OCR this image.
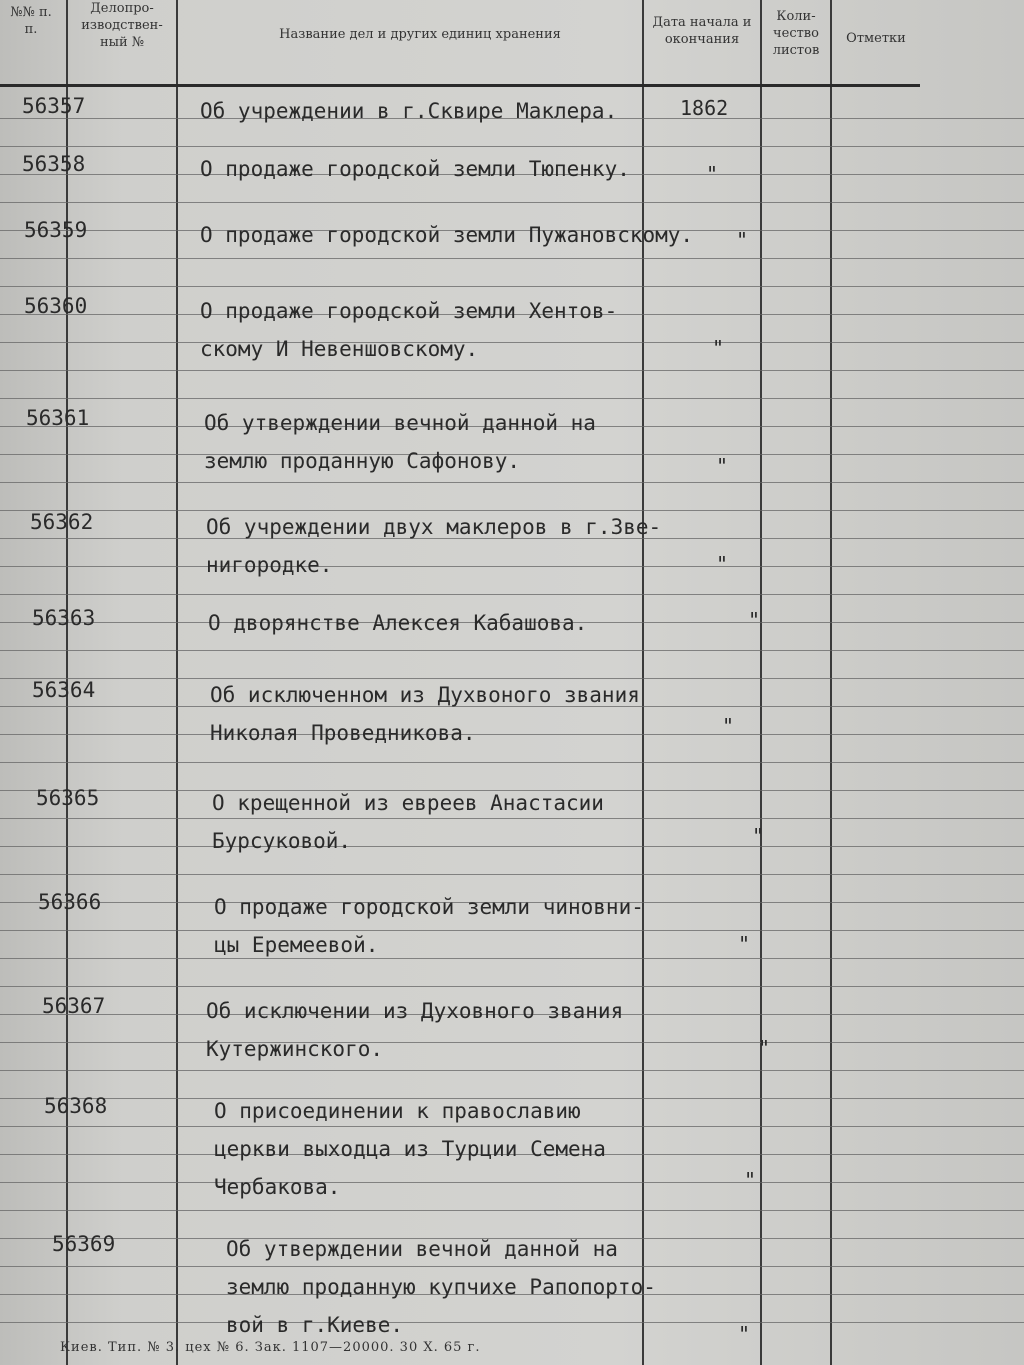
№№ п. п.
Делопро- изводствен- ный №
Название дел и других единиц хранения
Дата начала и окончания
Коли- чество листов
Отметки
56357	Об учреждении в г.Сквире Маклера.	1862
56358	О продаже городской земли Тюпенку.	"
56359	О продаже городской земли Пужановскому. "
56360	О продаже городской земли Хентов-
скому И Невеншовскому.	"
56361	Об утверждении вечной данной на
землю проданную Сафонову.	"
56362	Об учреждении двух маклеров в г.Зве-
нигородке.	"
56363	О дворянстве Алексея Кабашова.	"
56364	Об исключенном из Духвоного звания
Николая Проведникова.	"
56365	О крещенной из евреев Анастасии
Бурсуковой.	"
56366	О продаже городской земли чиновни-
цы Еремеевой.	"
56367	Об исключении из Духовного звания
Кутержинского.	"
56368	О присоединении к православию
церкви выходца из Турции Семена
Чербакова.	"
56369	Об утверждении вечной данной на
землю проданную купчихе Рапопорто-
вой в г.Киеве.	"
Киев. Тип. № 3. цех № 6. Зак. 1107—20000. 30 X. 65 г.
